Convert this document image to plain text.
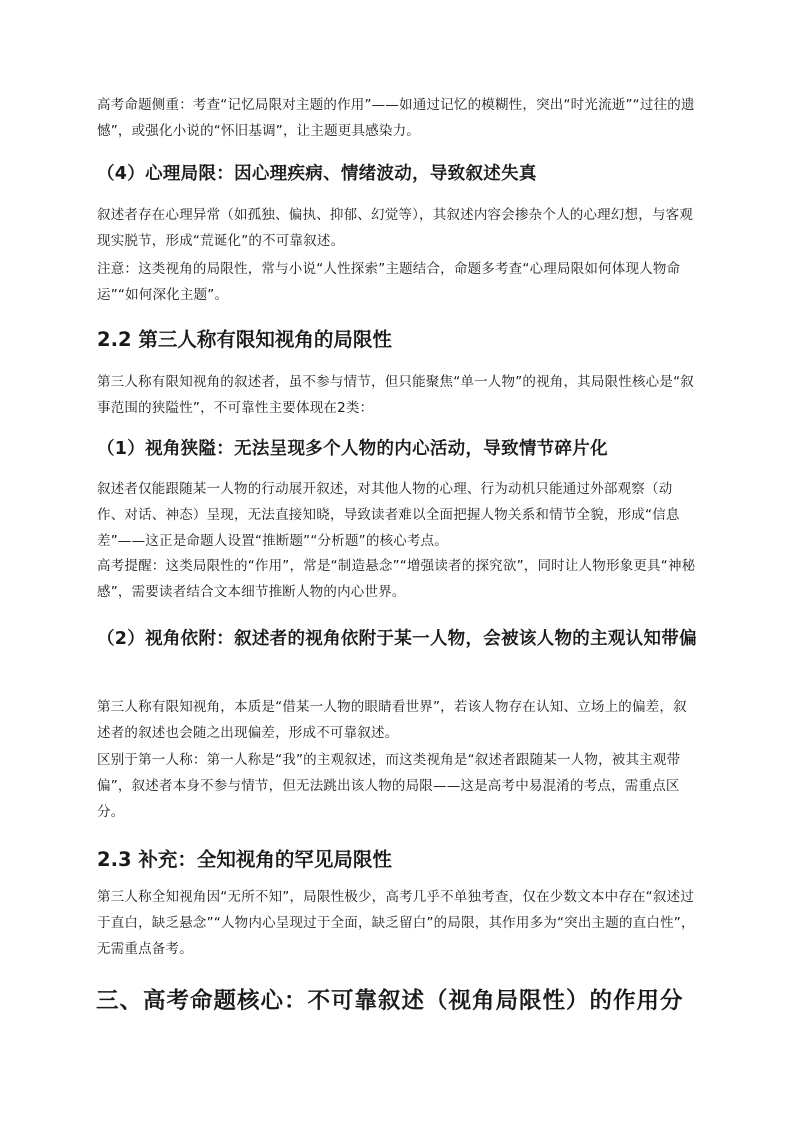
高考命题侧重：考查“记忆局限对主题的作用”——如通过记忆的模糊性，突出“时光流逝”“过往的遗憾”，或强化小说的“怀旧基调”，让主题更具感染力。

（4）心理局限：因心理疾病、情绪波动，导致叙述失真

叙述者存在心理异常（如孤独、偏执、抑郁、幻觉等），其叙述内容会掺杂个人的心理幻想，与客观现实脱节，形成“荒诞化”的不可靠叙述。

注意：这类视角的局限性，常与小说“人性探索”主题结合，命题多考查“心理局限如何体现人物命运”“如何深化主题”。

2.2 第三人称有限知视角的局限性

第三人称有限知视角的叙述者，虽不参与情节，但只能聚焦“单一人物”的视角，其局限性核心是“叙事范围的狭隘性”，不可靠性主要体现在2类：

（1）视角狭隘：无法呈现多个人物的内心活动，导致情节碎片化

叙述者仅能跟随某一人物的行动展开叙述，对其他人物的心理、行为动机只能通过外部观察（动作、对话、神态）呈现，无法直接知晓，导致读者难以全面把握人物关系和情节全貌，形成“信息差”——这正是命题人设置“推断题”“分析题”的核心考点。

高考提醒：这类局限性的“作用”，常是“制造悬念”“增强读者的探究欲”，同时让人物形象更具“神秘感”，需要读者结合文本细节推断人物的内心世界。

（2）视角依附：叙述者的视角依附于某一人物，会被该人物的主观认知带偏

第三人称有限知视角，本质是“借某一人物的眼睛看世界”，若该人物存在认知、立场上的偏差，叙述者的叙述也会随之出现偏差，形成不可靠叙述。

区别于第一人称：第一人称是“我”的主观叙述，而这类视角是“叙述者跟随某一人物，被其主观带偏”，叙述者本身不参与情节，但无法跳出该人物的局限——这是高考中易混淆的考点，需重点区分。

2.3 补充：全知视角的罕见局限性

第三人称全知视角因“无所不知”，局限性极少，高考几乎不单独考查，仅在少数文本中存在“叙述过于直白，缺乏悬念”“人物内心呈现过于全面，缺乏留白”的局限，其作用多为“突出主题的直白性”，无需重点备考。

三、高考命题核心：不可靠叙述（视角局限性）的作用分
